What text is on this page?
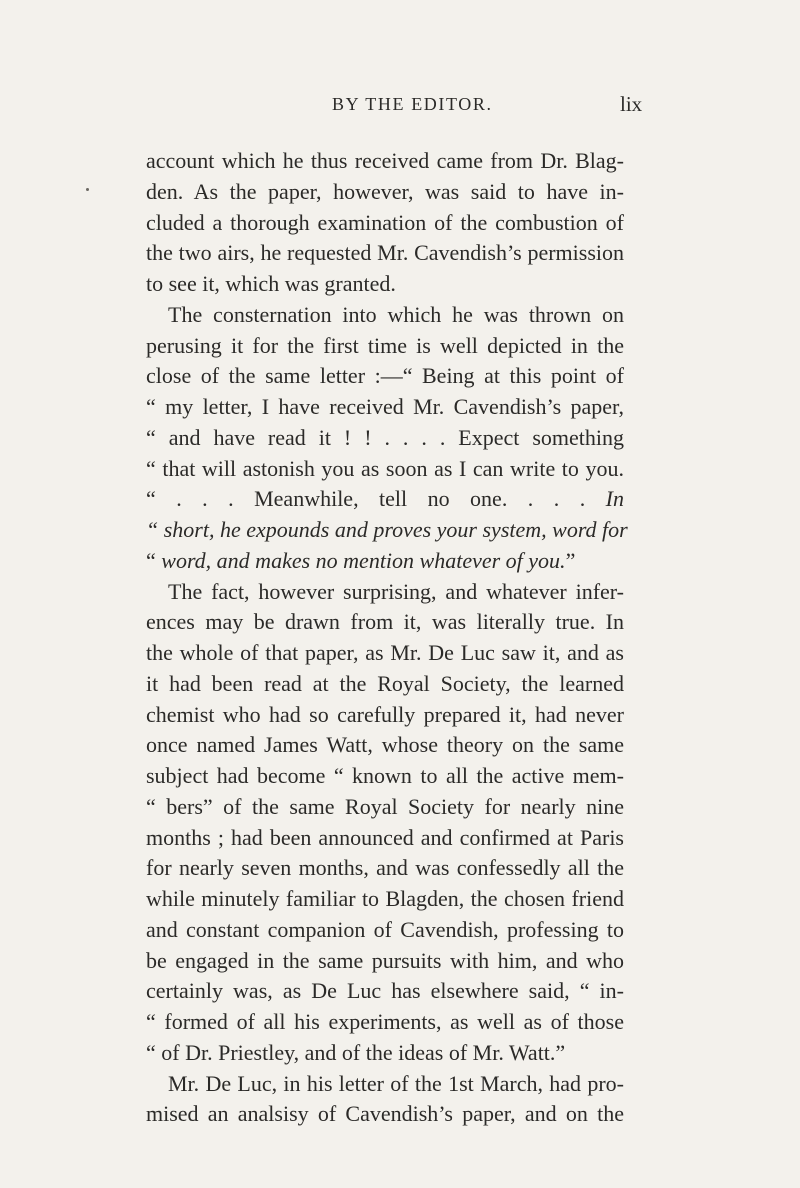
BY THE EDITOR.	lix
account which he thus received came from Dr. Blag-
den. As the paper, however, was said to have in-
cluded a thorough examination of the combustion of
the two airs, he requested Mr. Cavendish’s permission
to see it, which was granted.
The consternation into which he was thrown on
perusing it for the first time is well depicted in the
close of the same letter :—“ Being at this point of
“ my letter, I have received Mr. Cavendish’s paper,
“ and have read it ! ! . . . . Expect something
“ that will astonish you as soon as I can write to you.
“ . . . Meanwhile, tell no one. . . . In
“ short, he expounds and proves your system, word for
“ word, and makes no mention whatever of you.”
The fact, however surprising, and whatever infer-
ences may be drawn from it, was literally true. In
the whole of that paper, as Mr. De Luc saw it, and as
it had been read at the Royal Society, the learned
chemist who had so carefully prepared it, had never
once named James Watt, whose theory on the same
subject had become “ known to all the active mem-
“ bers” of the same Royal Society for nearly nine
months ; had been announced and confirmed at Paris
for nearly seven months, and was confessedly all the
while minutely familiar to Blagden, the chosen friend
and constant companion of Cavendish, professing to
be engaged in the same pursuits with him, and who
certainly was, as De Luc has elsewhere said, “ in-
“ formed of all his experiments, as well as of those
“ of Dr. Priestley, and of the ideas of Mr. Watt.”
Mr. De Luc, in his letter of the 1st March, had pro-
mised an analsisy of Cavendish’s paper, and on the
